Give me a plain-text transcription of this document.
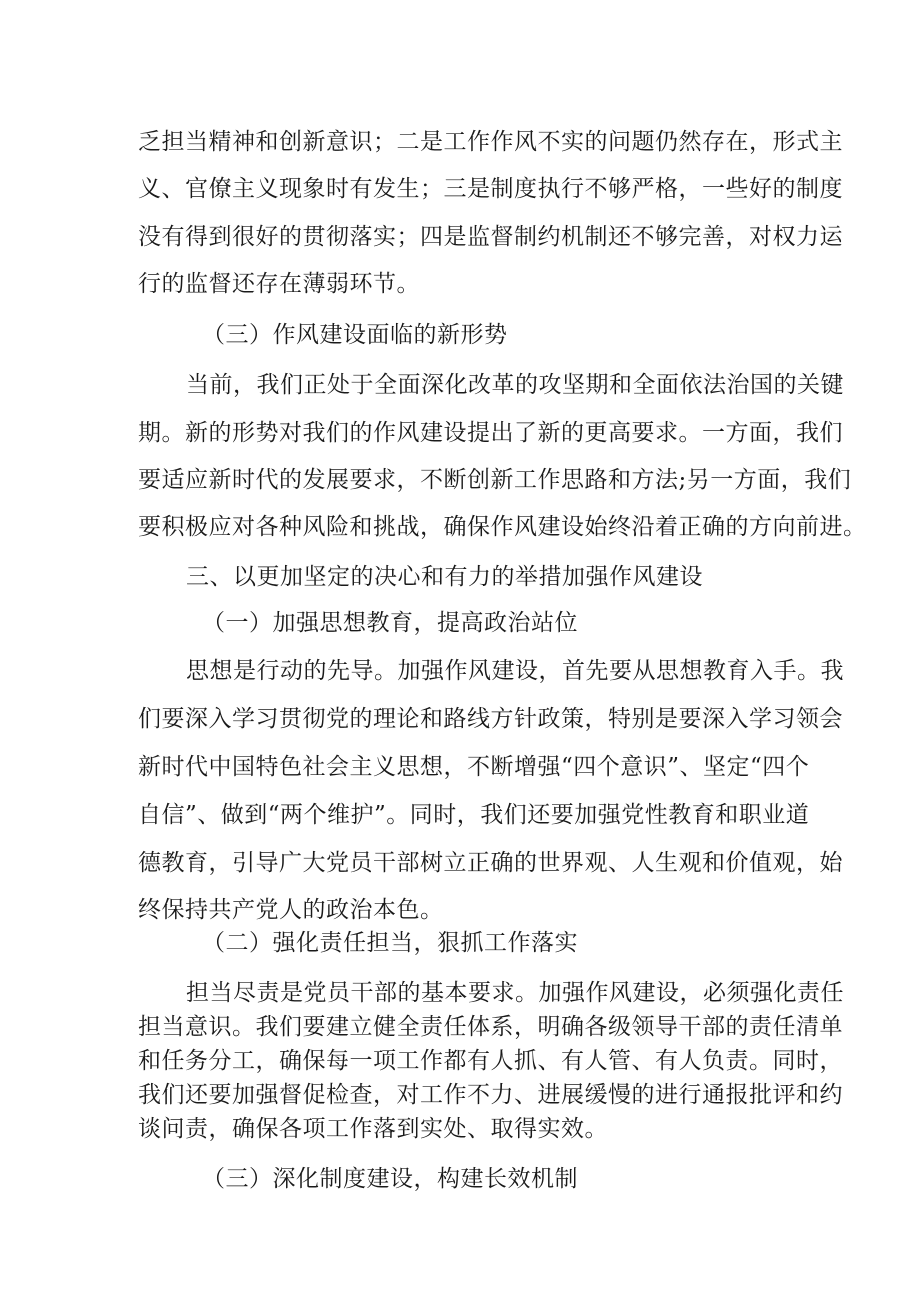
乏担当精神和创新意识；二是工作作风不实的问题仍然存在，形式主
义、官僚主义现象时有发生；三是制度执行不够严格，一些好的制度
没有得到很好的贯彻落实；四是监督制约机制还不够完善，对权力运
行的监督还存在薄弱环节。
（三）作风建设面临的新形势
当前，我们正处于全面深化改革的攻坚期和全面依法治国的关键
期。新的形势对我们的作风建设提出了新的更高要求。一方面，我们
要适应新时代的发展要求，不断创新工作思路和方法;另一方面，我们
要积极应对各种风险和挑战，确保作风建设始终沿着正确的方向前进。
三、以更加坚定的决心和有力的举措加强作风建设
（一）加强思想教育，提高政治站位
思想是行动的先导。加强作风建设，首先要从思想教育入手。我
们要深入学习贯彻党的理论和路线方针政策，特别是要深入学习领会
新时代中国特色社会主义思想，不断增强“四个意识”、坚定“四个
自信”、做到“两个维护”。同时，我们还要加强党性教育和职业道
德教育，引导广大党员干部树立正确的世界观、人生观和价值观，始
终保持共产党人的政治本色。
（二）强化责任担当，狠抓工作落实
担当尽责是党员干部的基本要求。加强作风建设，必须强化责任
担当意识。我们要建立健全责任体系，明确各级领导干部的责任清单
和任务分工，确保每一项工作都有人抓、有人管、有人负责。同时，
我们还要加强督促检查，对工作不力、进展缓慢的进行通报批评和约
谈问责，确保各项工作落到实处、取得实效。
（三）深化制度建设，构建长效机制
